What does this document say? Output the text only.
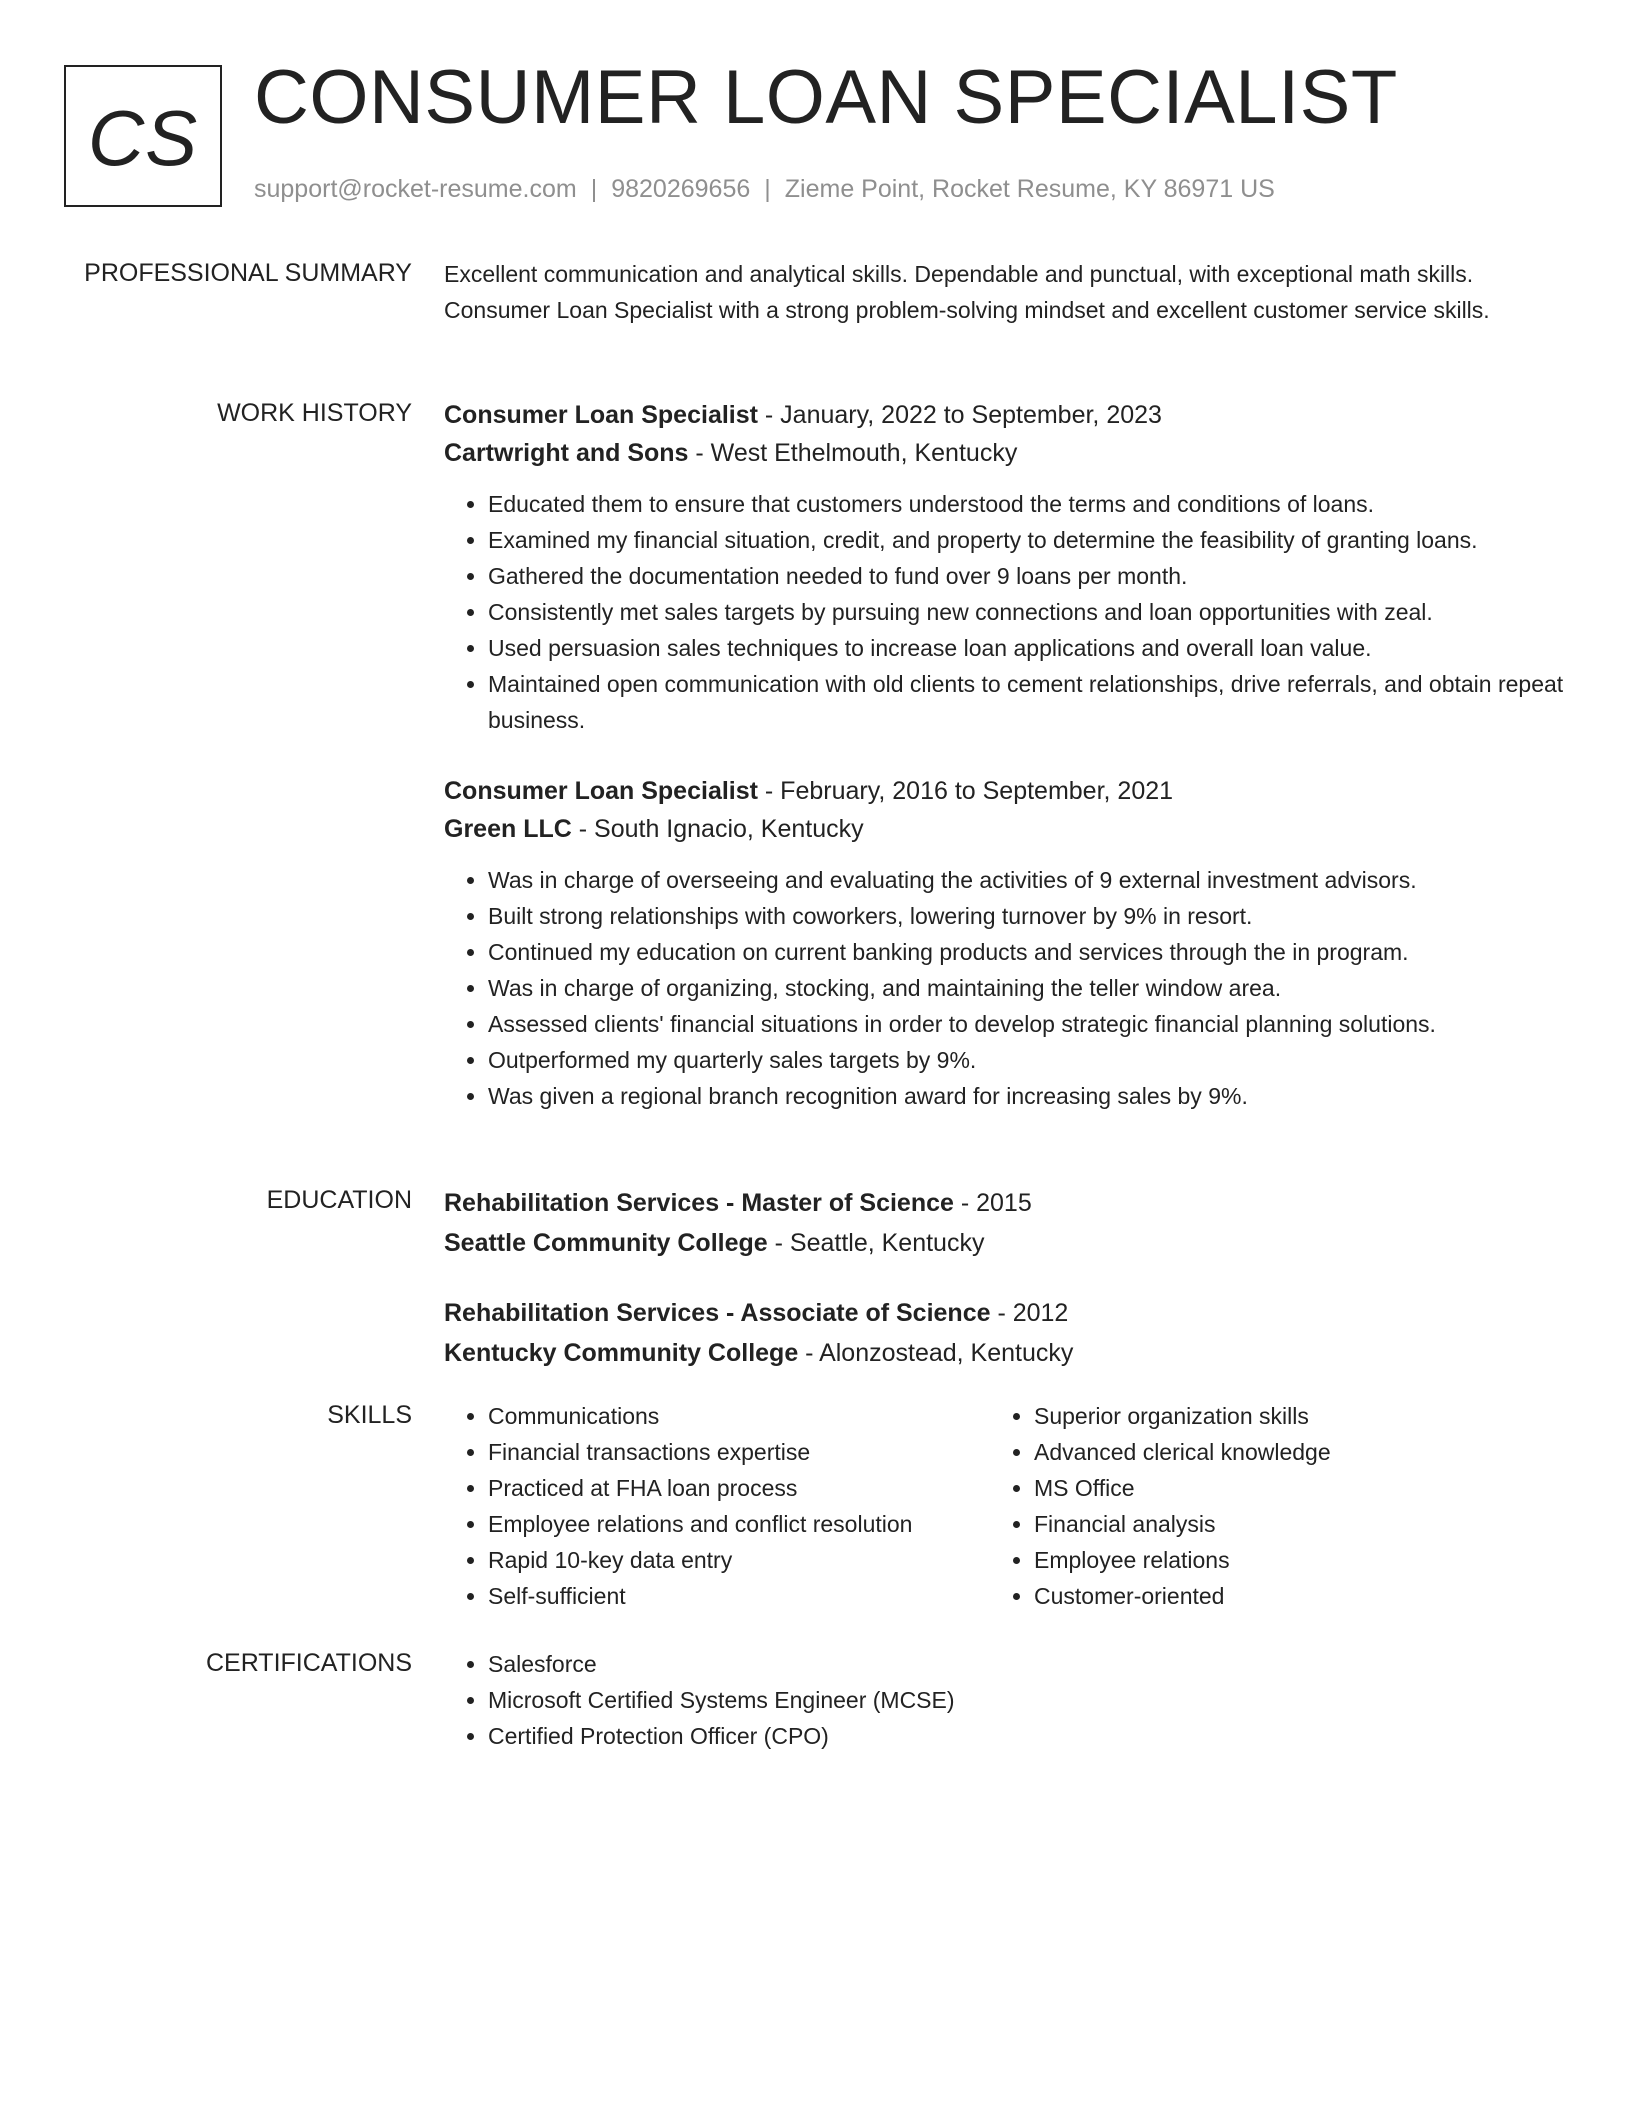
CS CONSUMER LOAN SPECIALIST
support@rocket-resume.com | 9820269656 | Zieme Point, Rocket Resume, KY 86971 US
PROFESSIONAL SUMMARY Excellent communication and analytical skills. Dependable and punctual, with exceptional math skills. Consumer Loan Specialist with a strong problem-solving mindset and excellent customer service skills.

WORK HISTORY Consumer Loan Specialist - January, 2022 to September, 2023

Cartwright and Sons - West Ethelmouth, Kentucky

• Educated them to ensure that customers understood the terms and conditions of loans.
• Examined my financial situation, credit, and property to determine the feasibility of granting loans.
• Gathered the documentation needed to fund over 9 loans per month.
• Consistently met sales targets by pursuing new connections and loan opportunities with zeal.
• Used persuasion sales techniques to increase loan applications and overall loan value.
• Maintained open communication with old clients to cement relationships, drive referrals, and obtain repeat business.

Consumer Loan Specialist - February, 2016 to September, 2021

Green LLC - South Ignacio, Kentucky

• Was in charge of overseeing and evaluating the activities of 9 external investment advisors.
• Built strong relationships with coworkers, lowering turnover by 9% in resort.
• Continued my education on current banking products and services through the in program.
• Was in charge of organizing, stocking, and maintaining the teller window area.
• Assessed clients' financial situations in order to develop strategic financial planning solutions.
• Outperformed my quarterly sales targets by 9%.
• Was given a regional branch recognition award for increasing sales by 9%.
EDUCATION Rehabilitation Services - Master of Science - 2015

Seattle Community College - Seattle, Kentucky

Rehabilitation Services - Associate of Science - 2012

Kentucky Community College - Alonzostead, Kentucky

SKILLS	• Communications
• Financial transactions expertise
• Practiced at FHA loan process
• Employee relations and conflict resolution
• Rapid 10-key data entry
• Self-sufficient
• Superior organization skills
• Advanced clerical knowledge
• MS Office
• Financial analysis
• Employee relations
• Customer-oriented
CERTIFICATIONS	• Salesforce
• Microsoft Certified Systems Engineer (MCSE)
• Certified Protection Officer (CPO)
